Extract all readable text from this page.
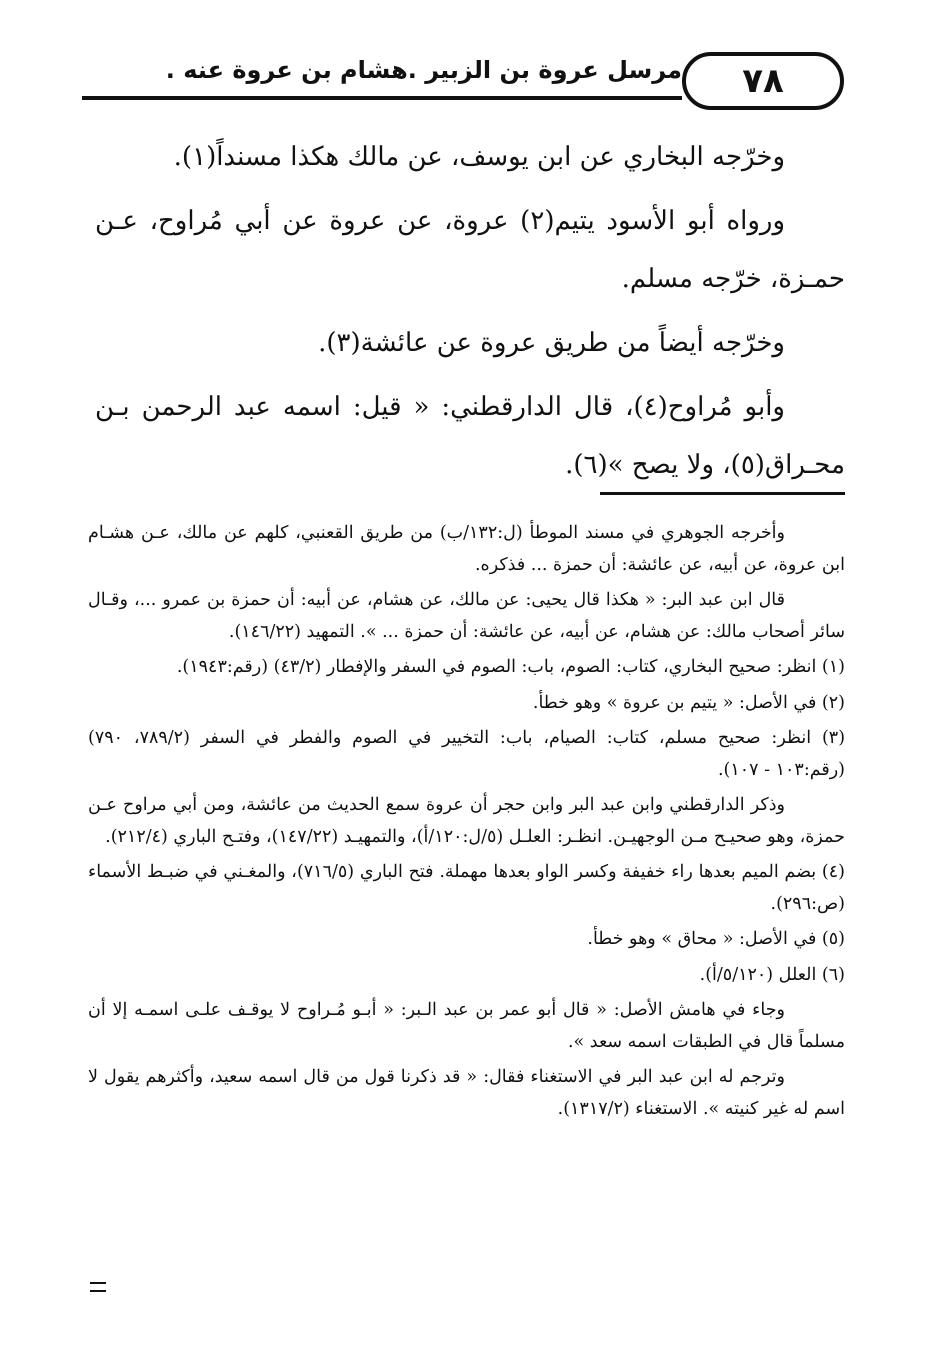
مرسل عروة بن الزبير .هشام بن عروة عنه .	٧٨

وخرّجه البخاري عن ابن يوسف، عن مالك هكذا مسنداً(١).

ورواه أبو الأسود يتيم(٢) عروة، عن عروة عن أبي مُراوح، عـن حمـزة، خرّجه مسلم.

وخرّجه أيضاً من طريق عروة عن عائشة(٣).

وأبو مُراوح(٤)، قال الدارقطني: « قيل: اسمه عبد الرحمن بـن محـراق(٥)، ولا يصح »(٦).

وأخرجه الجوهري في مسند الموطأ (ل:١٣٢/ب) من طريق القعنبي، كلهم عن مالك، عـن هشـام ابن عروة، عن أبيه، عن عائشة: أن حمزة ... فذكره.

قال ابن عبد البر: « هكذا قال يحيى: عن مالك، عن هشام، عن أبيه: أن حمزة بن عمرو ...، وقـال سائر أصحاب مالك: عن هشام، عن أبيه، عن عائشة: أن حمزة ... ». التمهيد (١٤٦/٢٢).

(١) انظر: صحيح البخاري، كتاب: الصوم، باب: الصوم في السفر والإفطار (٤٣/٢) (رقم:١٩٤٣).

(٢) في الأصل: « يتيم بن عروة » وهو خطأ.

(٣) انظر: صحيح مسلم، كتاب: الصيام، باب: التخيير في الصوم والفطر في السفر (٧٨٩/٢، ٧٩٠) (رقم:١٠٣ - ١٠٧).

وذكر الدارقطني وابن عبد البر وابن حجر أن عروة سمع الحديث من عائشة، ومن أبي مراوح عـن حمزة، وهو صحيـح مـن الوجهيـن. انظـر: العلـل (٥/ل:١٢٠/أ)، والتمهيـد (١٤٧/٢٢)، وفتـح الباري (٢١٢/٤).

(٤) بضم الميم بعدها راء خفيفة وكسر الواو بعدها مهملة. فتح الباري (٧١٦/٥)، والمغـني في ضبـط الأسماء (ص:٢٩٦).

(٥) في الأصل: « محاق » وهو خطأ.

(٦) العلل (٥/١٢٠/أ).

وجاء في هامش الأصل: « قال أبو عمر بن عبد الـبر: « أبـو مُـراوح لا يوقـف علـى اسمـه إلا أن مسلماً قال في الطبقات اسمه سعد ».

وترجم له ابن عبد البر في الاستغناء فقال: « قد ذكرنا قول من قال اسمه سعيد، وأكثرهم يقول لا اسم له غير كنيته ». الاستغناء (١٣١٧/٢).
